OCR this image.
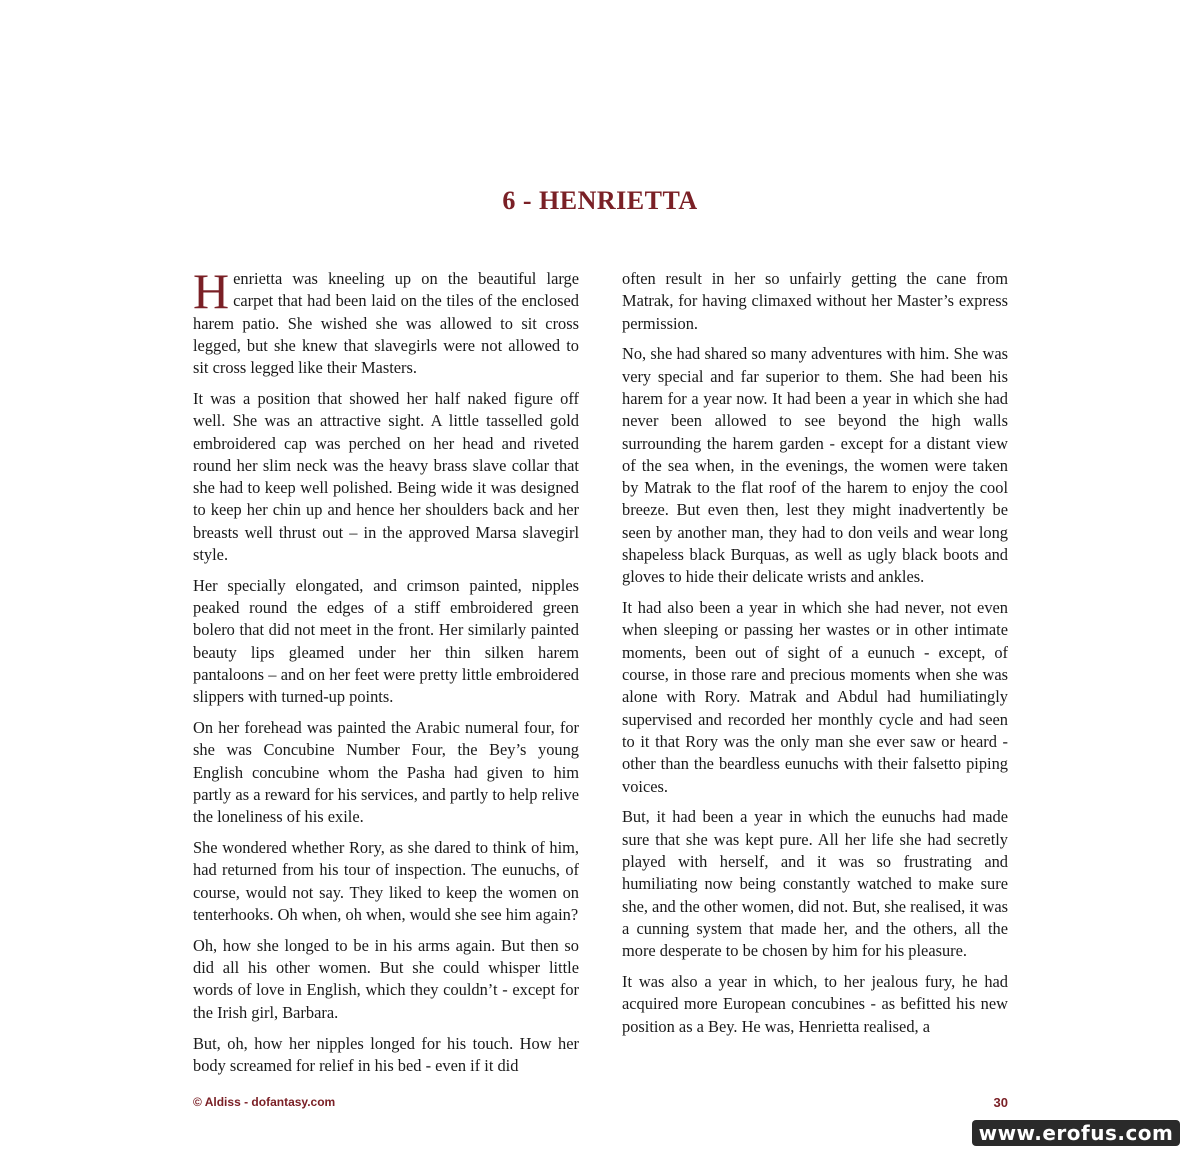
6 - HENRIETTA

Henrietta was kneeling up on the beautiful large carpet that had been laid on the tiles of the enclosed harem patio. She wished she was allowed to sit cross legged, but she knew that slavegirls were not allowed to sit cross legged like their Masters.

It was a position that showed her half naked figure off well. She was an attractive sight. A little tasselled gold embroidered cap was perched on her head and riveted round her slim neck was the heavy brass slave collar that she had to keep well polished. Being wide it was designed to keep her chin up and hence her shoulders back and her breasts well thrust out – in the approved Marsa slavegirl style.

Her specially elongated, and crimson painted, nipples peaked round the edges of a stiff embroidered green bolero that did not meet in the front. Her similarly painted beauty lips gleamed under her thin silken harem pantaloons – and on her feet were pretty little embroidered slippers with turned-up points.

On her forehead was painted the Arabic numeral four, for she was Concubine Number Four, the Bey’s young English concubine whom the Pasha had given to him partly as a reward for his services, and partly to help relive the loneliness of his exile.

She wondered whether Rory, as she dared to think of him, had returned from his tour of inspection. The eunuchs, of course, would not say. They liked to keep the women on tenterhooks. Oh when, oh when, would she see him again?

Oh, how she longed to be in his arms again. But then so did all his other women. But she could whisper little words of love in English, which they couldn’t - except for the Irish girl, Barbara.

But, oh, how her nipples longed for his touch. How her body screamed for relief in his bed - even if it did

often result in her so unfairly getting the cane from Matrak, for having climaxed without her Master’s express permission.

No, she had shared so many adventures with him. She was very special and far superior to them. She had been his harem for a year now. It had been a year in which she had never been allowed to see beyond the high walls surrounding the harem garden - except for a distant view of the sea when, in the evenings, the women were taken by Matrak to the flat roof of the harem to enjoy the cool breeze. But even then, lest they might inadvertently be seen by another man, they had to don veils and wear long shapeless black Burquas, as well as ugly black boots and gloves to hide their delicate wrists and ankles.

It had also been a year in which she had never, not even when sleeping or passing her wastes or in other intimate moments, been out of sight of a eunuch - except, of course, in those rare and precious moments when she was alone with Rory. Matrak and Abdul had humiliatingly supervised and recorded her monthly cycle and had seen to it that Rory was the only man she ever saw or heard - other than the beardless eunuchs with their falsetto piping voices.

But, it had been a year in which the eunuchs had made sure that she was kept pure. All her life she had secretly played with herself, and it was so frustrating and humiliating now being constantly watched to make sure she, and the other women, did not. But, she realised, it was a cunning system that made her, and the others, all the more desperate to be chosen by him for his pleasure.

It was also a year in which, to her jealous fury, he had acquired more European concubines - as befitted his new position as a Bey. He was, Henrietta realised, a

© Aldiss - dofantasy.com	30
www.erofus.com
